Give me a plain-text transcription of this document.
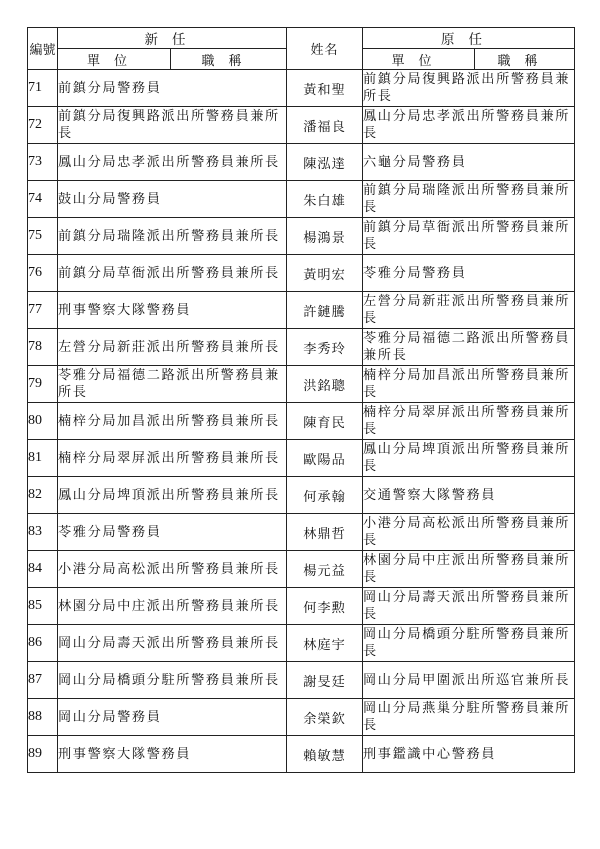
編號	新任		姓名	原任	
	單位	職稱		單位	職稱
71	前鎮分局警務員		黃和聖	前鎮分局復興路派出所警務員兼所長	
72	前鎮分局復興路派出所警務員兼所長		潘福良	鳳山分局忠孝派出所警務員兼所長	
73	鳳山分局忠孝派出所警務員兼所長		陳泓達	六龜分局警務員	
74	鼓山分局警務員		朱白雄	前鎮分局瑞隆派出所警務員兼所長	
75	前鎮分局瑞隆派出所警務員兼所長		楊鴻景	前鎮分局草衙派出所警務員兼所長	
76	前鎮分局草衙派出所警務員兼所長		黃明宏	苓雅分局警務員	
77	刑事警察大隊警務員		許鏈騰	左營分局新莊派出所警務員兼所長	
78	左營分局新莊派出所警務員兼所長		李秀玲	苓雅分局福德二路派出所警務員兼所長	
79	苓雅分局福德二路派出所警務員兼所長		洪銘聰	楠梓分局加昌派出所警務員兼所長	
80	楠梓分局加昌派出所警務員兼所長		陳育民	楠梓分局翠屏派出所警務員兼所長	
81	楠梓分局翠屏派出所警務員兼所長		歐陽品	鳳山分局埤頂派出所警務員兼所長	
82	鳳山分局埤頂派出所警務員兼所長		何承翰	交通警察大隊警務員	
83	苓雅分局警務員		林鼎哲	小港分局高松派出所警務員兼所長	
84	小港分局高松派出所警務員兼所長		楊元益	林園分局中庄派出所警務員兼所長	
85	林園分局中庄派出所警務員兼所長		何李勲	岡山分局壽天派出所警務員兼所長	
86	岡山分局壽天派出所警務員兼所長		林庭宇	岡山分局橋頭分駐所警務員兼所長	
87	岡山分局橋頭分駐所警務員兼所長		謝旻廷	岡山分局甲圍派出所巡官兼所長	
88	岡山分局警務員		余榮欽	岡山分局燕巢分駐所警務員兼所長	
89	刑事警察大隊警務員		賴敏慧	刑事鑑識中心警務員	
